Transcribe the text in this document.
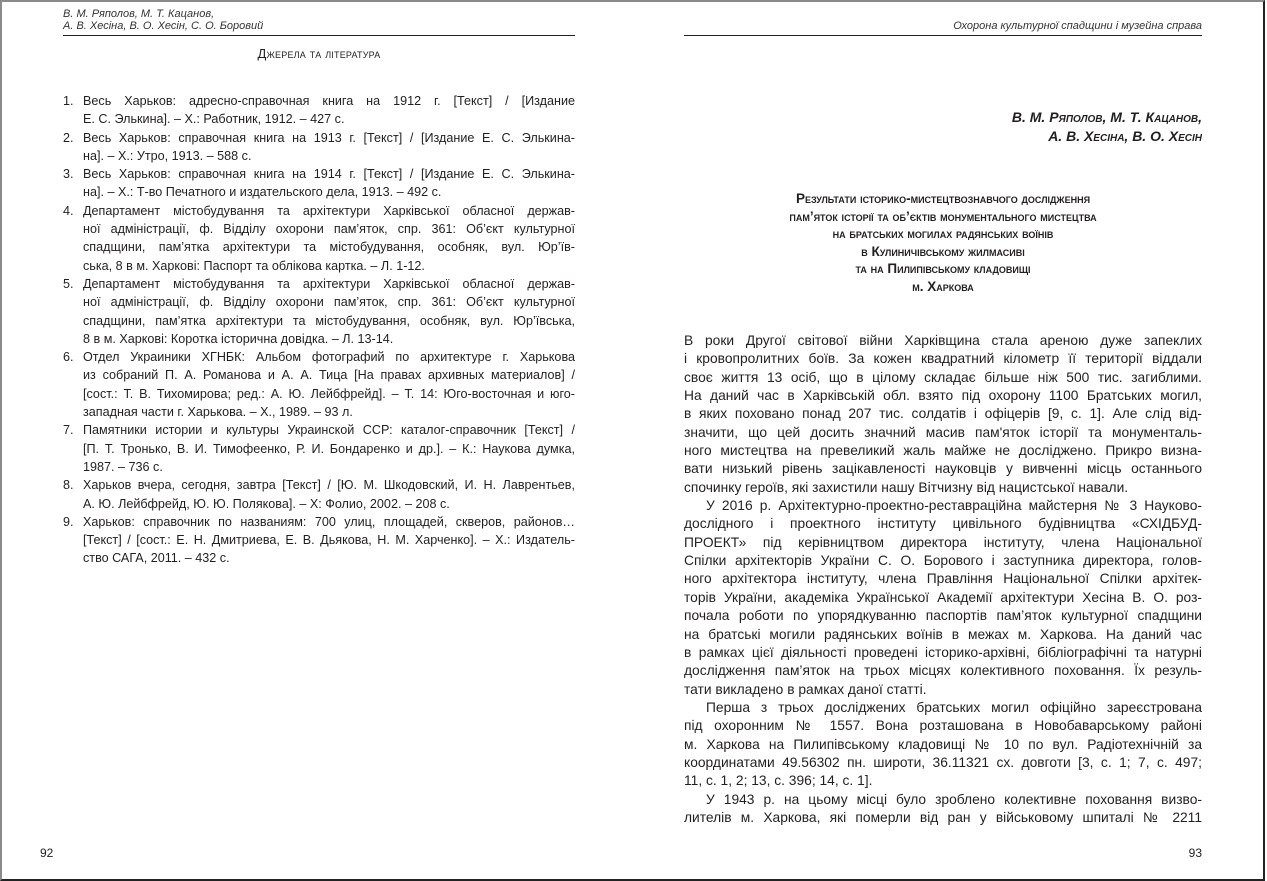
В. М. Ряполов, М. Т. Кацанов,
А. В. Хесіна, В. О. Хесін, С. О. Боровий
Джерела та література
1. Весь Харьков: адресно-справочная книга на 1912 г. [Текст] / [Издание
Е. С. Элькина]. – Х.: Работник, 1912. – 427 с.
2. Весь Харьков: справочная книга на 1913 г. [Текст] / [Издание Е. С. Элькина-
на]. – Х.: Утро, 1913. – 588 с.
3. Весь Харьков: справочная книга на 1914 г. [Текст] / [Издание Е. С. Элькина-
на]. – Х.: Т-во Печатного и издательского дела, 1913. – 492 с.
4. Департамент містобудування та архітектури Харківської обласної держав-
ної адміністрації, ф. Відділу охорони пам’яток, спр. 361: Об’єкт культурної
спадщини, пам’ятка архітектури та містобудування, особняк, вул. Юр’їв-
ська, 8 в м. Харкові: Паспорт та облікова картка. – Л. 1-12.
5. Департамент містобудування та архітектури Харківської обласної держав-
ної адміністрації, ф. Відділу охорони пам’яток, спр. 361: Об’єкт культурної
спадщини, пам’ятка архітектури та містобудування, особняк, вул. Юр’ївська,
8 в м. Харкові: Коротка історична довідка. – Л. 13-14.
6. Отдел Украиники ХГНБК: Альбом фотографий по архитектуре г. Харькова
из собраний П. А. Романова и А. А. Тица [На правах архивных материалов] /
[сост.: Т. В. Тихомирова; ред.: А. Ю. Лейбфрейд]. – Т. 14: Юго-восточная и юго-
западная части г. Харькова. – Х., 1989. – 93 л.
7. Памятники истории и культуры Украинской ССР: каталог-справочник [Текст] /
[П. Т. Тронько, В. И. Тимофеенко, Р. И. Бондаренко и др.]. – К.: Наукова думка,
1987. – 736 с.
8. Харьков вчера, сегодня, завтра [Текст] / [Ю. М. Шкодовский, И. Н. Лаврентьев,
А. Ю. Лейбфрейд, Ю. Ю. Полякова]. – Х: Фолио, 2002. – 208 с.
9. Харьков: справочник по названиям: 700 улиц, площадей, скверов, районов…
[Текст] / [сост.: Е. Н. Дмитриева, Е. В. Дьякова, Н. М. Харченко]. – Х.: Издатель-
ство САГА, 2011. – 432 с.
92
Охорона культурної спадщини і музейна справа
В. М. Ряполов, М. Т. Кацанов,
А. В. Хесіна, В. О. Хесін
Результати історико-мистецтвознавчого дослідження
пам’яток історії та об’єктів монументального мистецтва
на братських могилах радянських воїнів
в Кулиничівському жилмасиві
та на Пилипівському кладовищі
м. Харкова
В роки Другої світової війни Харківщина стала ареною дуже запеклих
і кровопролитних боїв. За кожен квадратний кілометр її території віддали
своє життя 13 осіб, що в цілому складає більше ніж 500 тис. загиблими.
На даний час в Харківській обл. взято під охорону 1100 Братських могил,
в яких поховано понад 207 тис. солдатів і офіцерів [9, с. 1]. Але слід від-
значити, що цей досить значний масив пам'яток історії та монументаль-
ного мистецтва на превеликий жаль майже не досліджено. Прикро визна-
вати низький рівень зацікавленості науковців у вивченні місць останнього
спочинку героїв, які захистили нашу Вітчизну від нацистської навали.
У 2016 р. Архітектурно-проектно-реставраційна майстерня № 3 Науково-
дослідного і проектного інституту цивільного будівництва «СХІДБУД-
ПРОЕКТ» під керівництвом директора інституту, члена Національної
Спілки архітекторів України С. О. Борового і заступника директора, голов-
ного архітектора інституту, члена Правління Національної Спілки архітек-
торів України, академіка Української Академії архітектури Хесіна В. О. роз-
почала роботи по упорядкуванню паспортів пам’яток культурної спадщини
на братські могили радянських воїнів в межах м. Харкова. На даний час
в рамках цієї діяльності проведені історико-архівні, бібліографічні та натурні
дослідження пам’яток на трьох місцях колективного поховання. Їх резуль-
тати викладено в рамках даної статті.
Перша з трьох досліджених братських могил офіційно зареєстрована
під охоронним № 1557. Вона розташована в Новобаварському районі
м. Харкова на Пилипівському кладовищі № 10 по вул. Радіотехнічній за
координатами 49.56302 пн. широти, 36.11321 сх. довготи [3, с. 1; 7, с. 497;
11, с. 1, 2; 13, с. 396; 14, с. 1].
У 1943 р. на цьому місці було зроблено колективне поховання визво-
лителів м. Харкова, які померли від ран у військовому шпиталі № 2211
93
